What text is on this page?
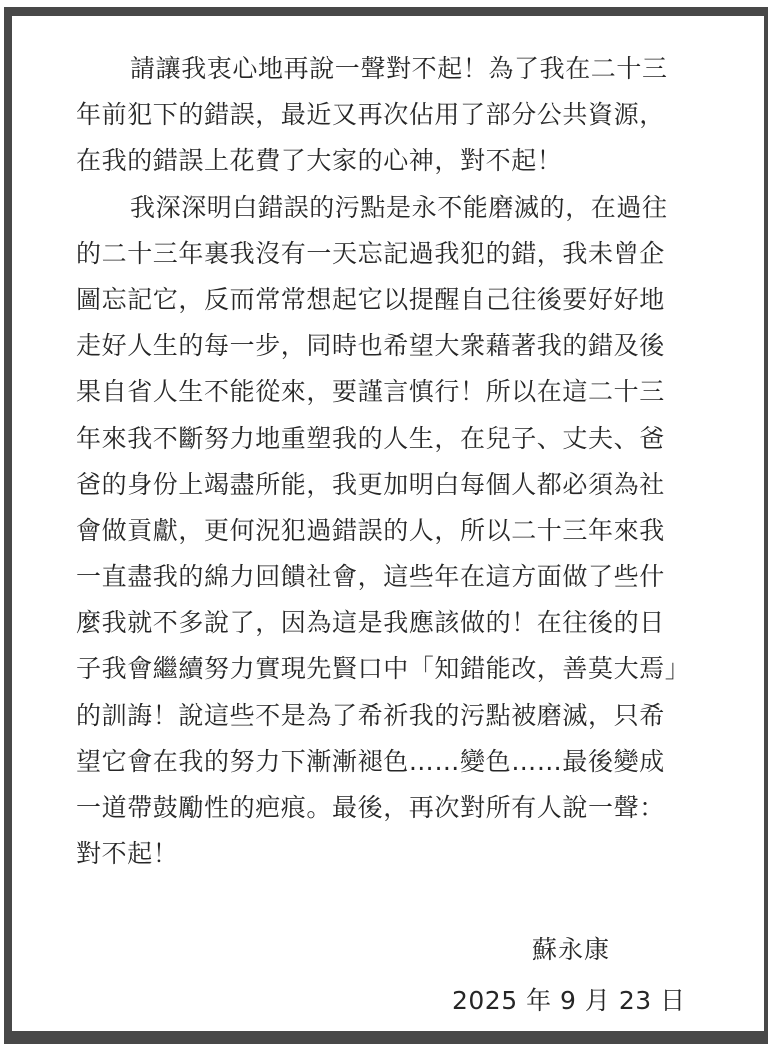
請讓我衷心地再說一聲對不起！為了我在二十三
年前犯下的錯誤，最近又再次佔用了部分公共資源，
在我的錯誤上花費了大家的心神，對不起！
我深深明白錯誤的污點是永不能磨滅的，在過往
的二十三年裏我沒有一天忘記過我犯的錯，我未曾企
圖忘記它，反而常常想起它以提醒自己往後要好好地
走好人生的每一步，同時也希望大衆藉著我的錯及後
果自省人生不能從來，要謹言慎行！所以在這二十三
年來我不斷努力地重塑我的人生，在兒子、丈夫、爸
爸的身份上竭盡所能，我更加明白每個人都必須為社
會做貢獻，更何況犯過錯誤的人，所以二十三年來我
一直盡我的綿力回饋社會，這些年在這方面做了些什
麼我就不多說了，因為這是我應該做的！在往後的日
子我會繼續努力實現先賢口中「知錯能改，善莫大焉」
的訓誨！說這些不是為了希祈我的污點被磨滅，只希
望它會在我的努力下漸漸褪色……變色……最後變成
一道帶鼓勵性的疤痕。最後，再次對所有人說一聲：
對不起！
蘇永康
2025 年 9 月 23 日
